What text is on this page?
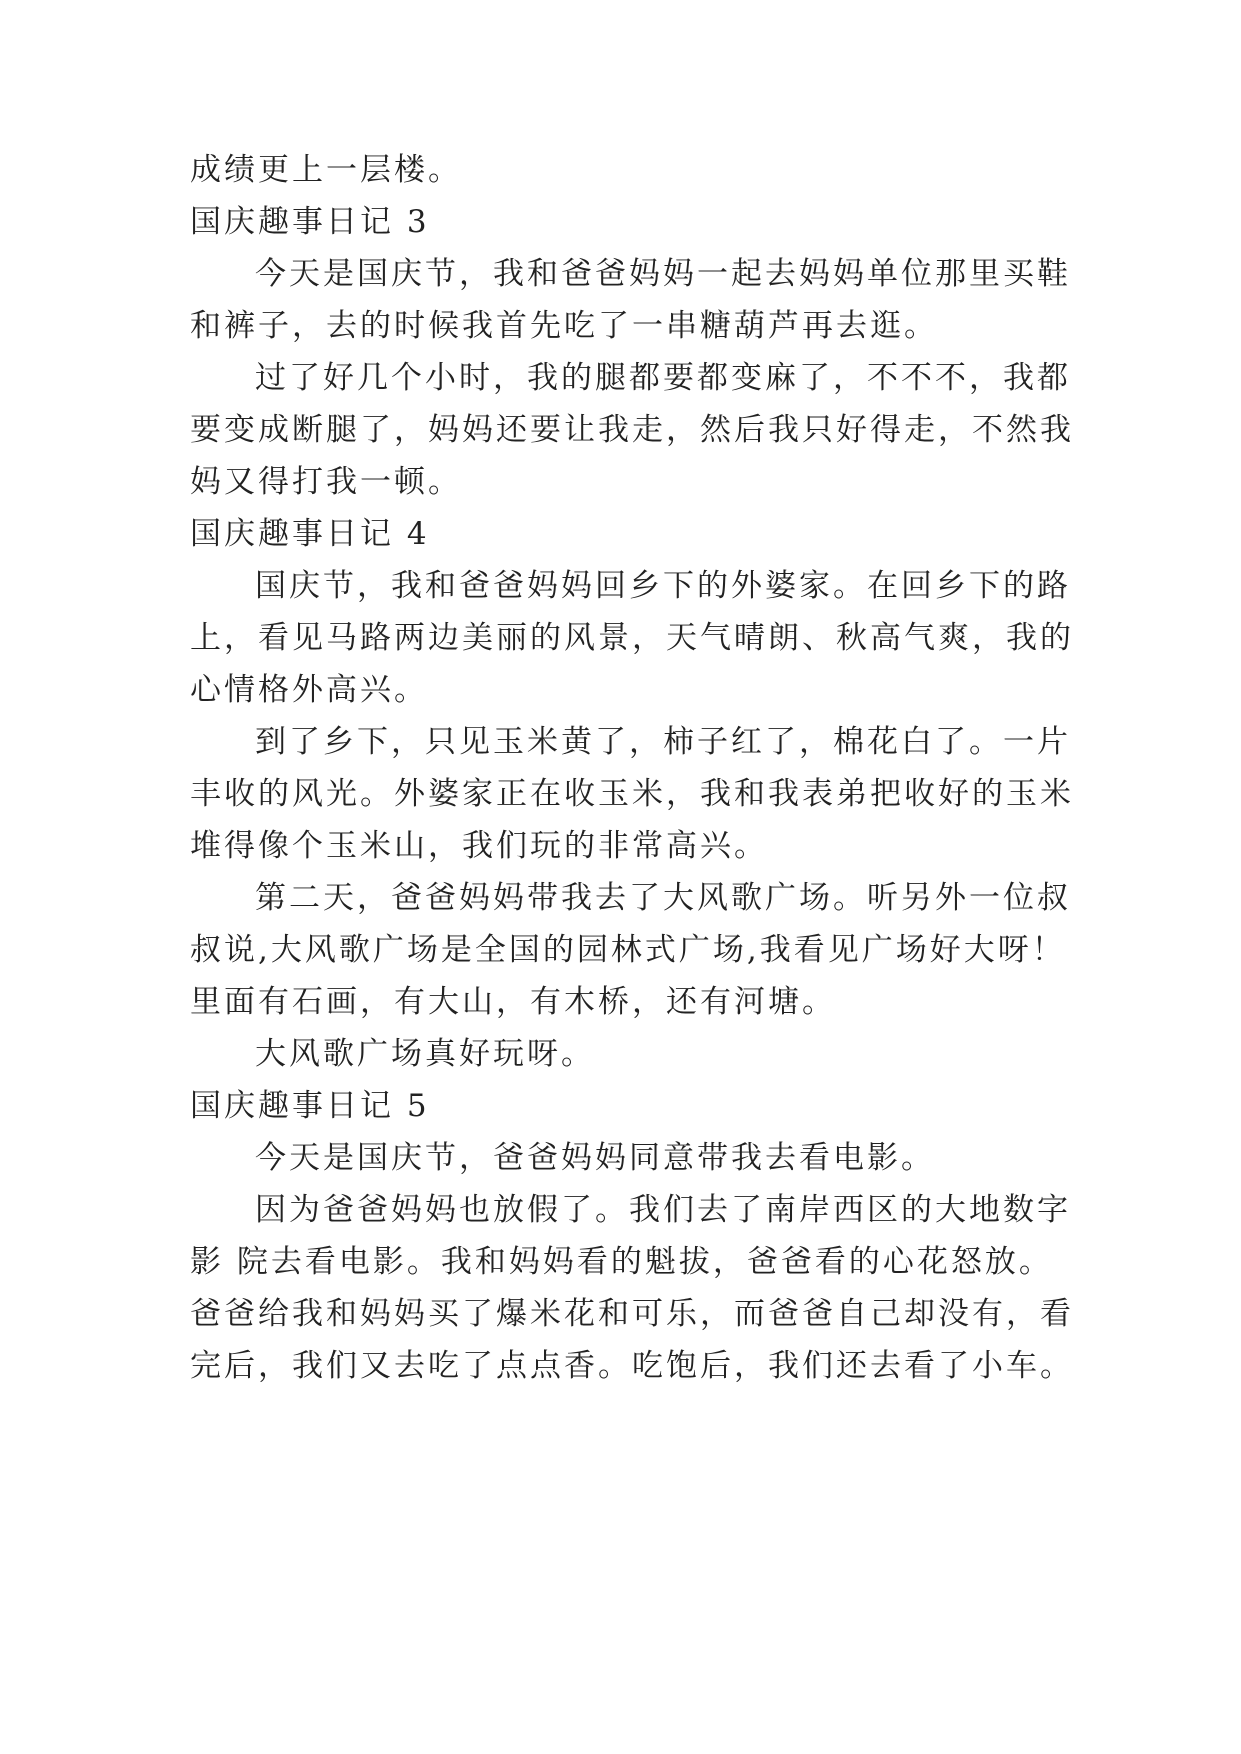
成绩更上一层楼。
国庆趣事日记 3
今天是国庆节，我和爸爸妈妈一起去妈妈单位那里买鞋
和裤子，去的时候我首先吃了一串糖葫芦再去逛。
过了好几个小时，我的腿都要都变麻了，不不不，我都
要变成断腿了，妈妈还要让我走，然后我只好得走，不然我
妈又得打我一顿。
国庆趣事日记 4
国庆节，我和爸爸妈妈回乡下的外婆家。在回乡下的路
上，看见马路两边美丽的风景，天气晴朗、秋高气爽，我的
心情格外高兴。
到了乡下，只见玉米黄了，柿子红了，棉花白了。一片
丰收的风光。外婆家正在收玉米，我和我表弟把收好的玉米
堆得像个玉米山，我们玩的非常高兴。
第二天，爸爸妈妈带我去了大风歌广场。听另外一位叔
叔说,大风歌广场是全国的园林式广场,我看见广场好大呀！
里面有石画，有大山，有木桥，还有河塘。
大风歌广场真好玩呀。
国庆趣事日记 5
今天是国庆节，爸爸妈妈同意带我去看电影。
因为爸爸妈妈也放假了。我们去了南岸西区的大地数字
影 院去看电影。我和妈妈看的魁拔，爸爸看的心花怒放。
爸爸给我和妈妈买了爆米花和可乐，而爸爸自己却没有，看
完后，我们又去吃了点点香。吃饱后，我们还去看了小车。
